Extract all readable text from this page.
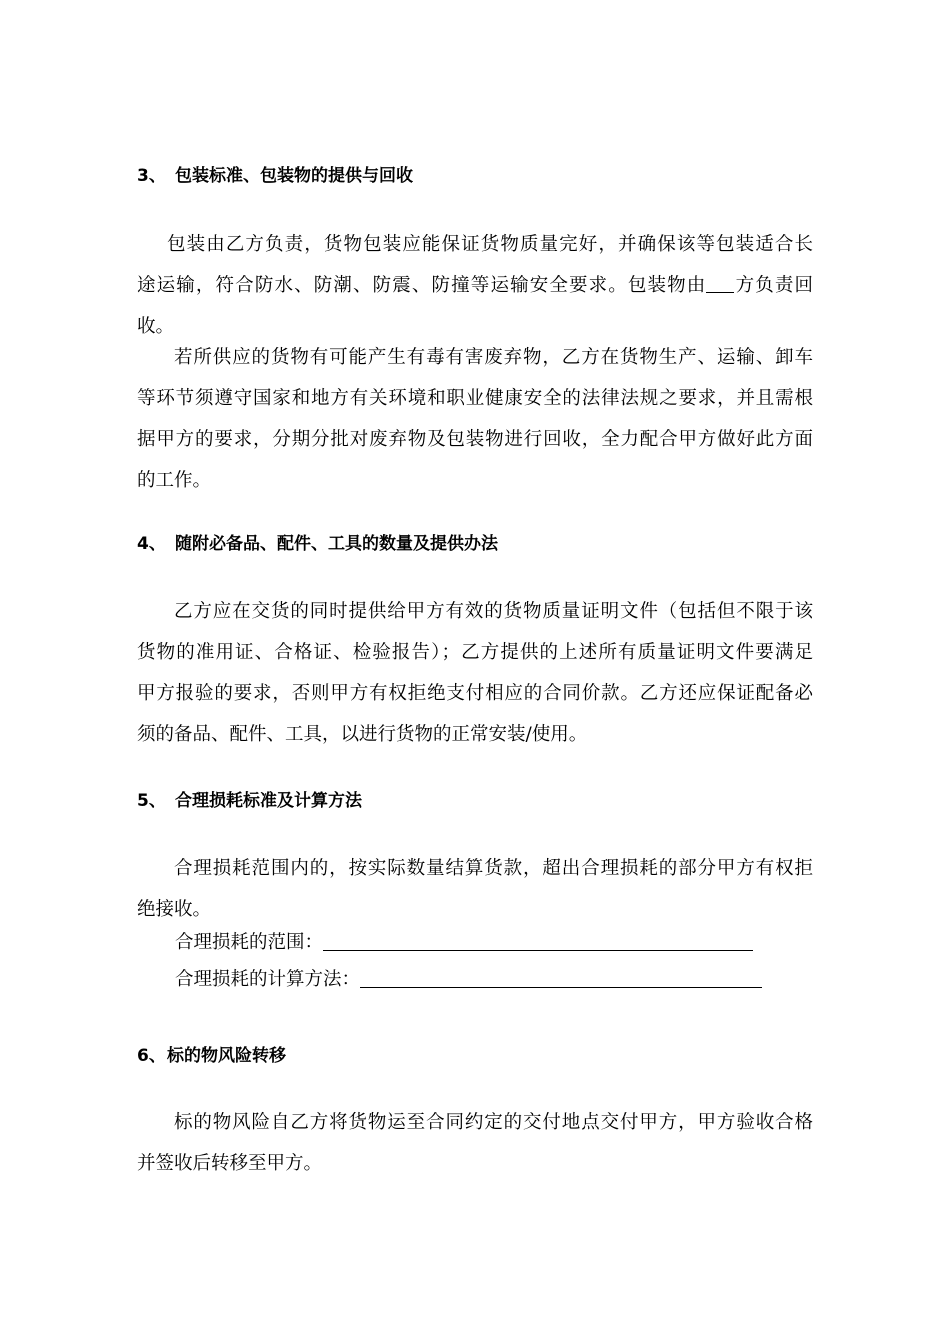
3、 包装标准、包装物的提供与回收
包装由乙方负责，货物包装应能保证货物质量完好，并确保该等包装适合长
途运输，符合防水、防潮、防震、防撞等运输安全要求。包装物由 方负责回
收。
若所供应的货物有可能产生有毒有害废弃物，乙方在货物生产、运输、卸车
等环节须遵守国家和地方有关环境和职业健康安全的法律法规之要求，并且需根
据甲方的要求，分期分批对废弃物及包装物进行回收，全力配合甲方做好此方面
的工作。
4、 随附必备品、配件、工具的数量及提供办法
乙方应在交货的同时提供给甲方有效的货物质量证明文件（包括但不限于该
货物的准用证、合格证、检验报告）；乙方提供的上述所有质量证明文件要满足
甲方报验的要求，否则甲方有权拒绝支付相应的合同价款。乙方还应保证配备必
须的备品、配件、工具，以进行货物的正常安装/使用。
5、 合理损耗标准及计算方法
合理损耗范围内的，按实际数量结算货款，超出合理损耗的部分甲方有权拒
绝接收。
合理损耗的范围：
合理损耗的计算方法：
6、标的物风险转移
标的物风险自乙方将货物运至合同约定的交付地点交付甲方，甲方验收合格
并签收后转移至甲方。
